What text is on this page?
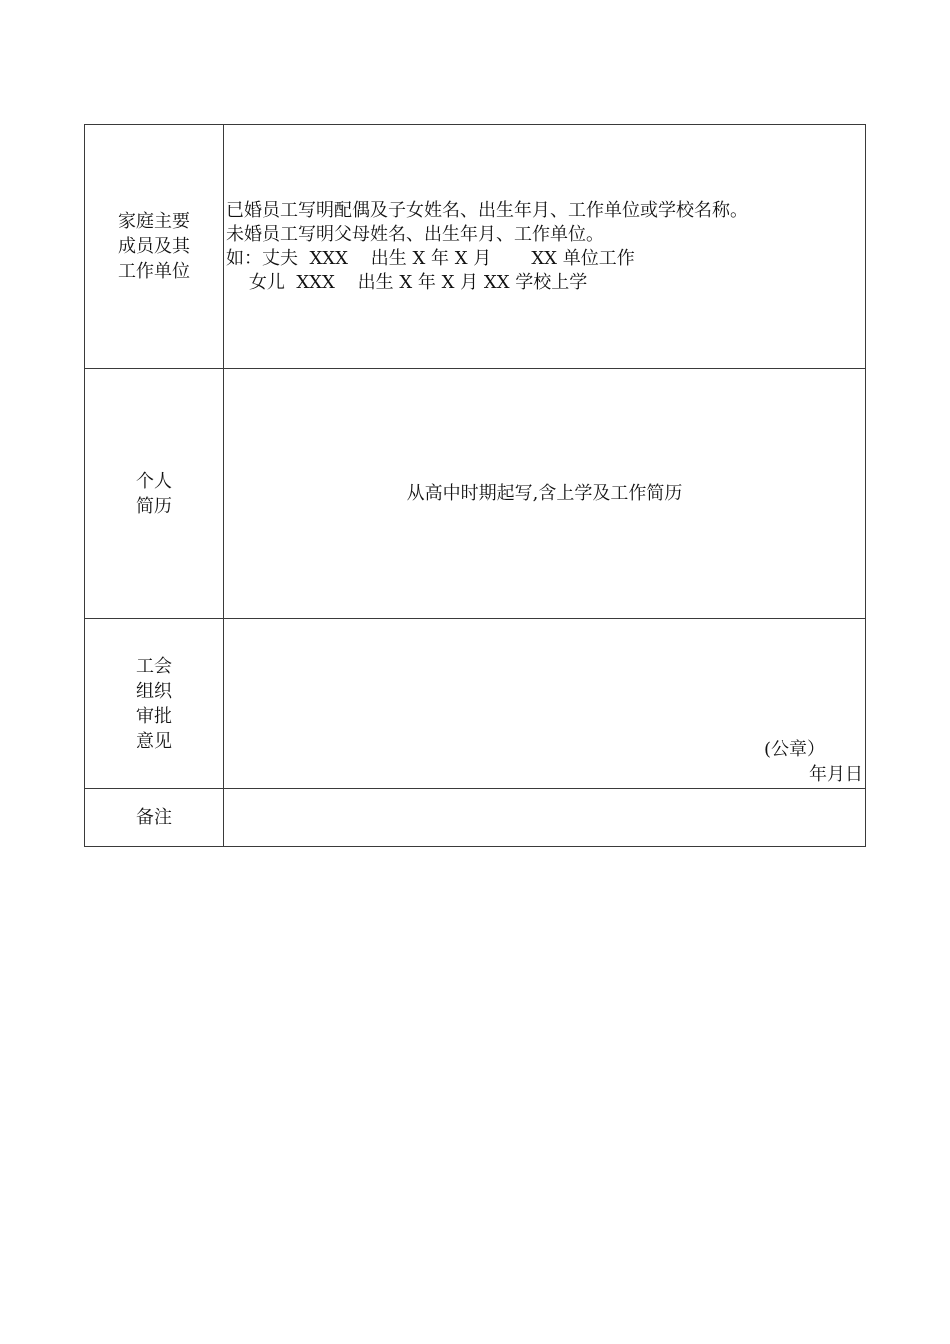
家庭主要
成员及其
工作单位	已婚员工写明配偶及子女姓名、出生年月、工作单位或学校名称。
未婚员工写明父母姓名、出生年月、工作单位。
如：丈夫  XXX    出生 X 年 X 月       XX 单位工作
女儿  XXX    出生 X 年 X 月 XX 学校上学

个人
简历	从高中时期起写,含上学及工作简历

工会
组织
审批
意见	(公章）
年月日

备注	
